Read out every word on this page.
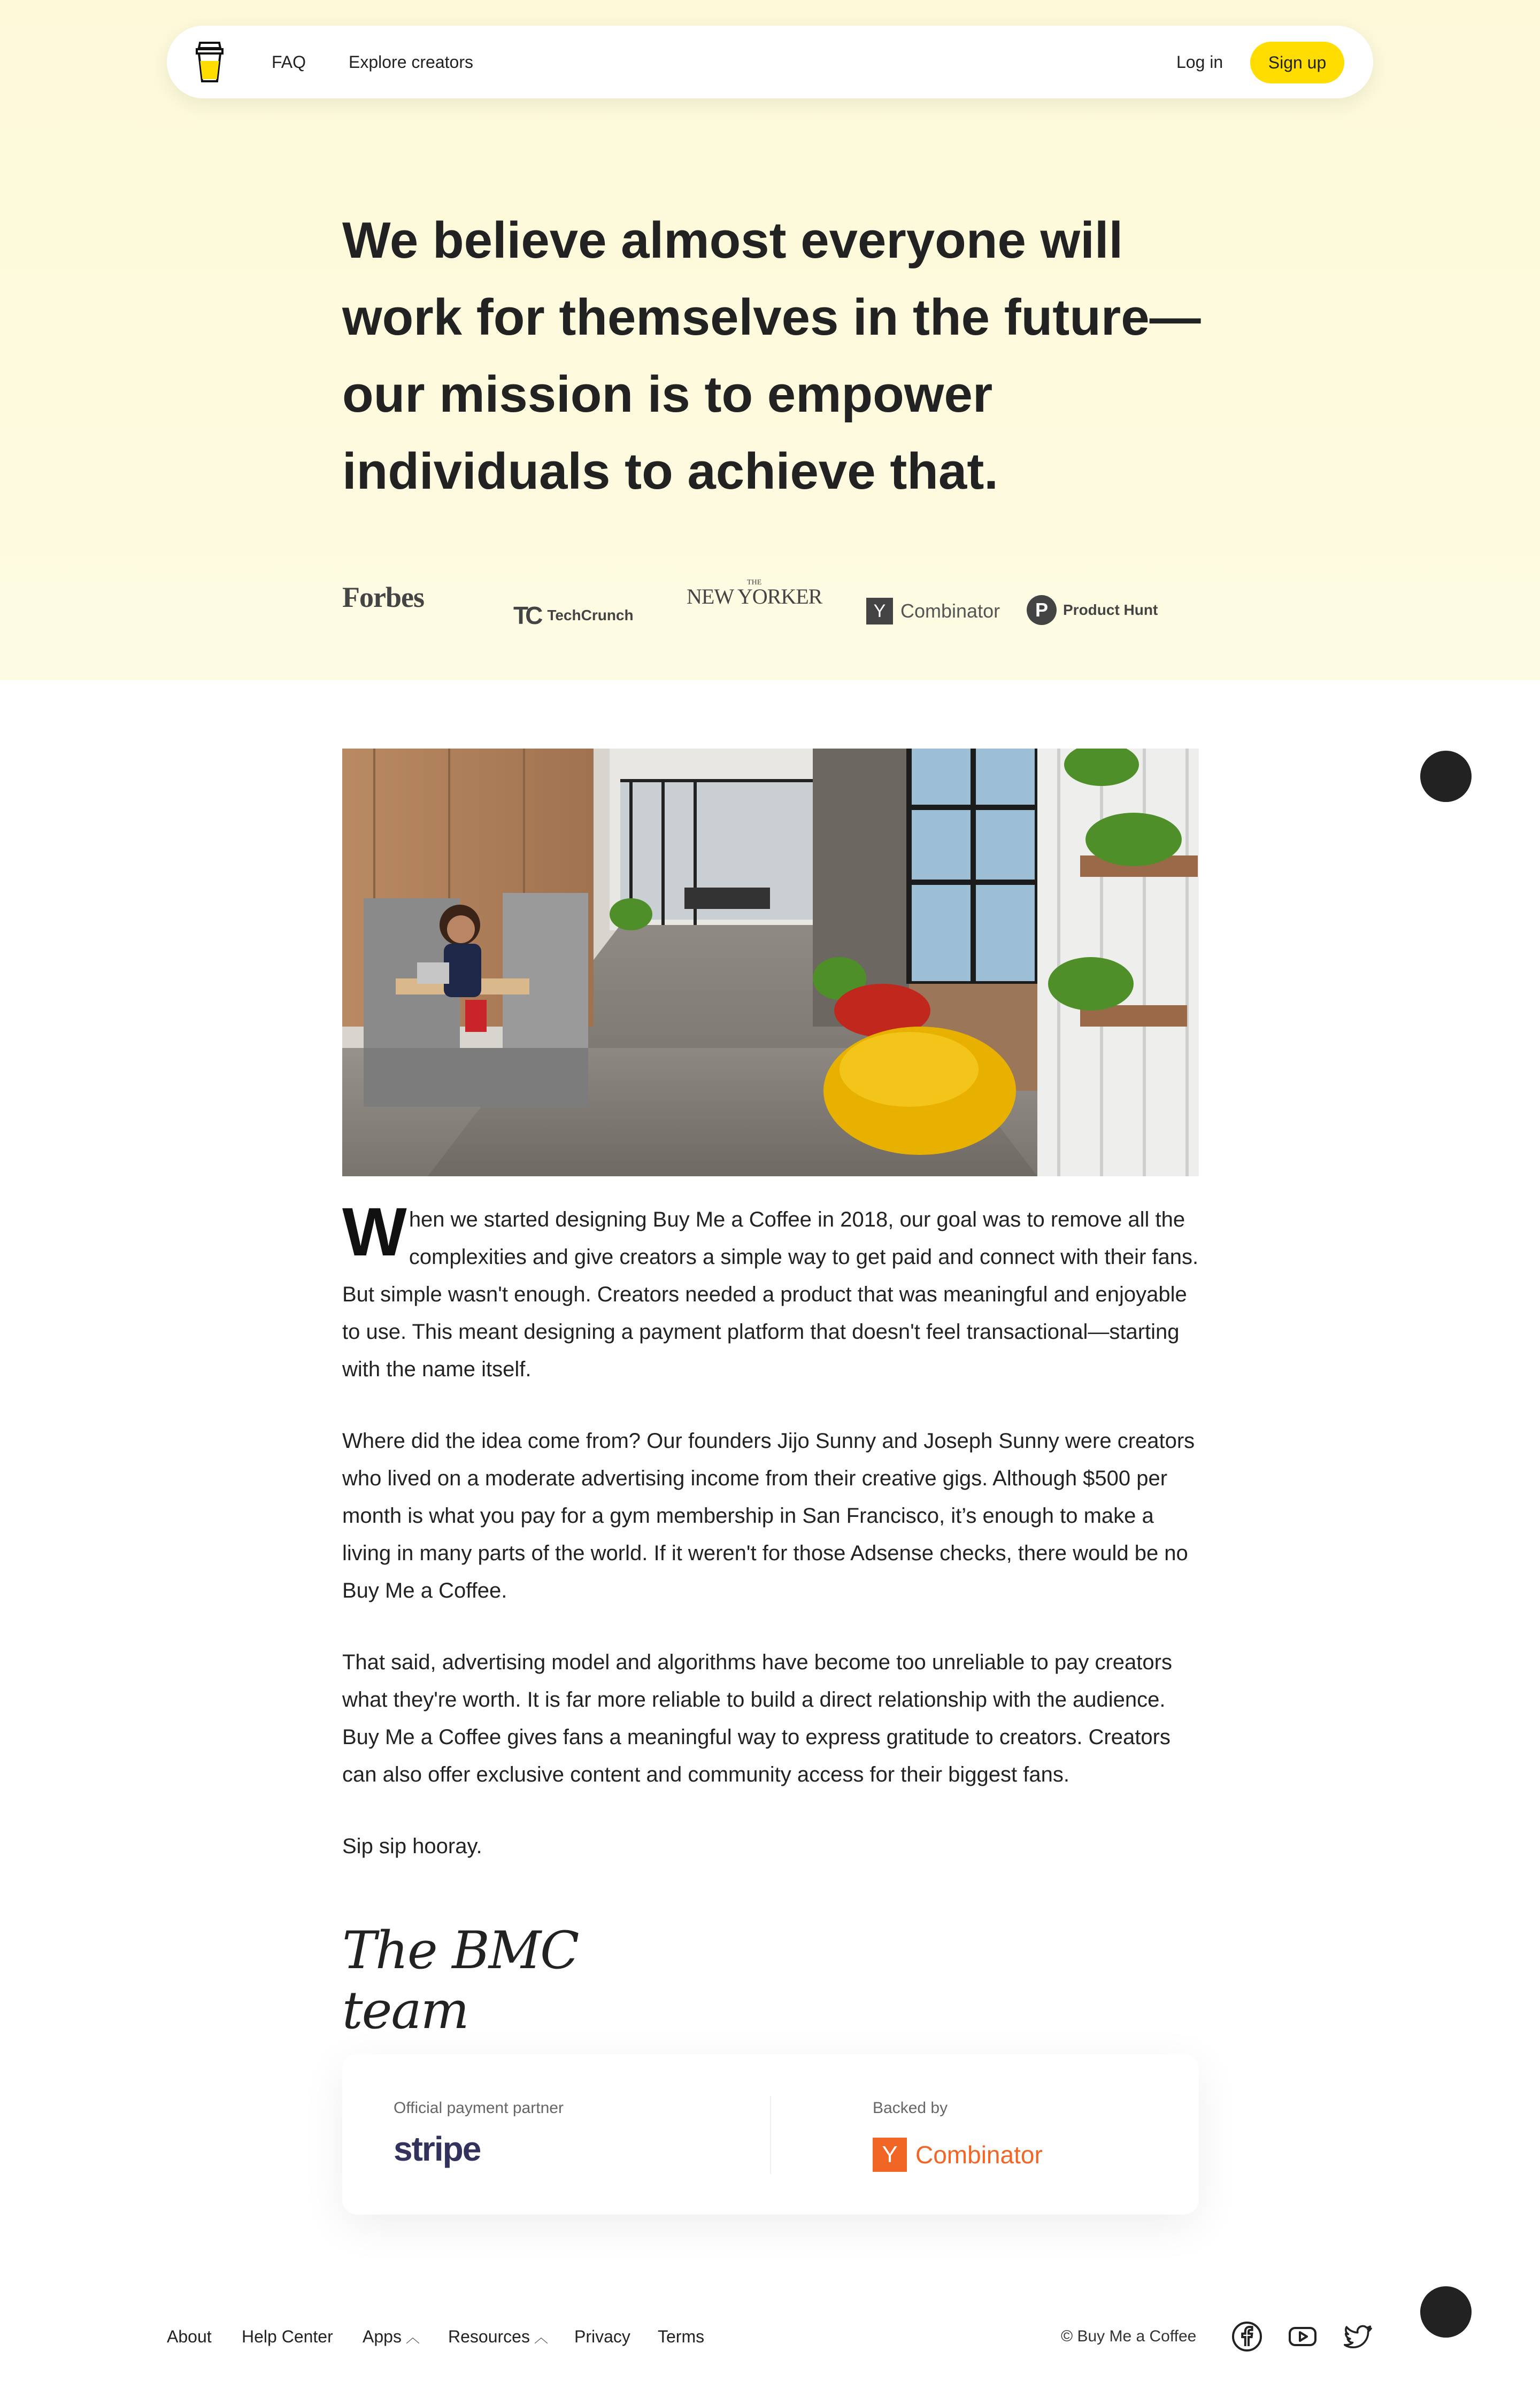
FAQ Explore creators	Log in	Sign up
We believe almost everyone will work for themselves in the future—our mission is to empower individuals to achieve that.
Forbes
TC TechCrunch
THE
NEW YORKER
Y Combinator	P	Product Hunt

When we started designing Buy Me a Coffee in 2018, our goal was to remove all the complexities and give creators a simple way to get paid and connect with their fans. But simple wasn't enough. Creators needed a product that was meaningful and enjoyable to use. This meant designing a payment platform that doesn't feel transactional—starting with the name itself.

Where did the idea come from? Our founders Jijo Sunny and Joseph Sunny were creators who lived on a moderate advertising income from their creative gigs. Although $500 per month is what you pay for a gym membership in San Francisco, it’s enough to make a living in many parts of the world. If it weren't for those Adsense checks, there would be no Buy Me a Coffee.

That said, advertising model and algorithms have become too unreliable to pay creators what they're worth. It is far more reliable to build a direct relationship with the audience. Buy Me a Coffee gives fans a meaningful way to express gratitude to creators. Creators can also offer exclusive content and community access for their biggest fans.

Sip sip hooray.

The BMC team
Official payment partner
stripe
Backed by
Y Combinator
About Help Center Apps ︿ Resources ︿ Privacy Terms	© Buy Me a Coffee
